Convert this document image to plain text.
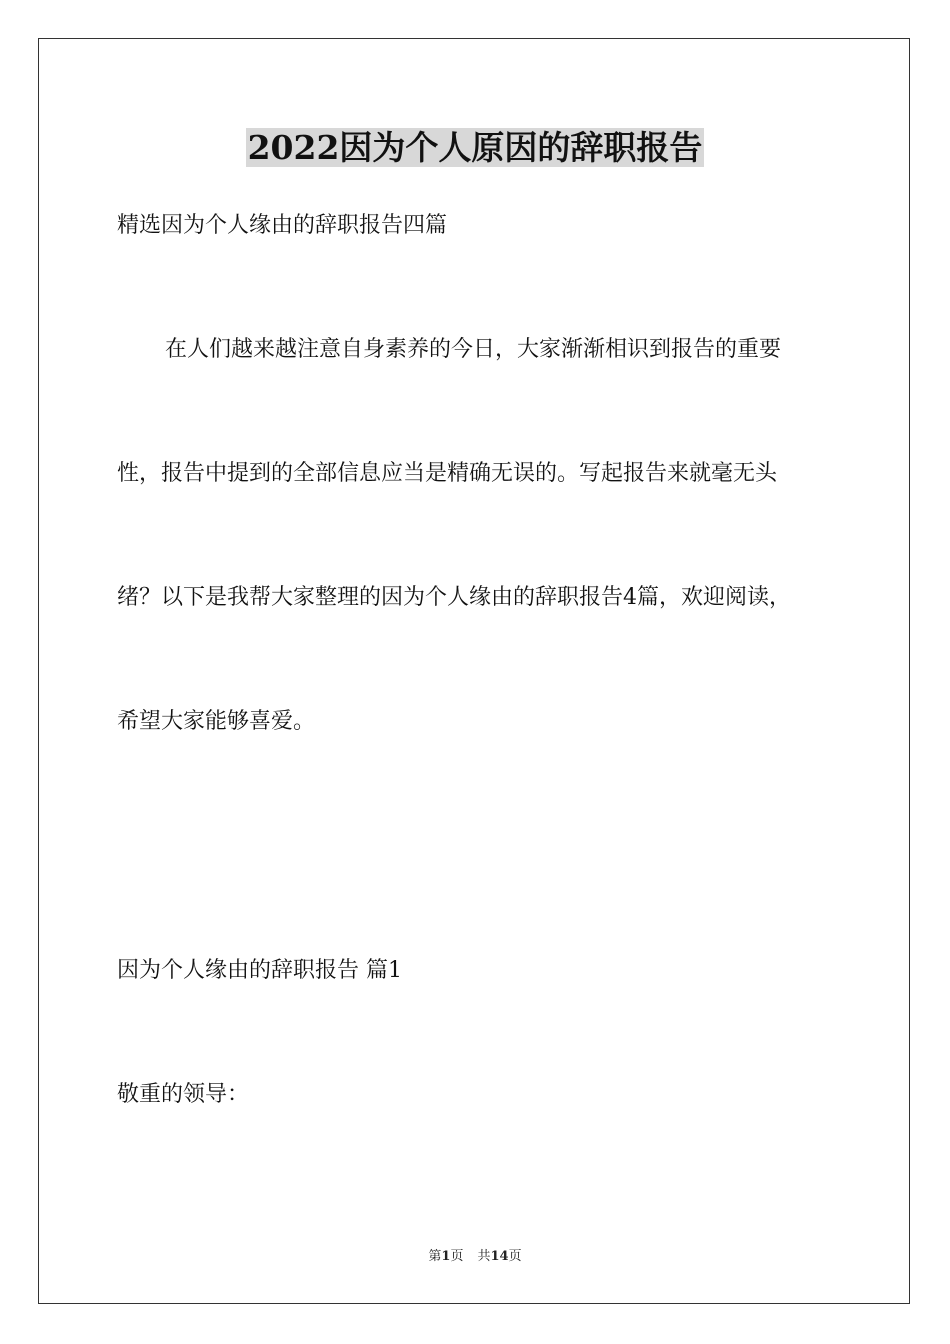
2022因为个人原因的辞职报告
精选因为个人缘由的辞职报告四篇
在人们越来越注意自身素养的今日，大家渐渐相识到报告的重要
性，报告中提到的全部信息应当是精确无误的。写起报告来就毫无头
绪？以下是我帮大家整理的因为个人缘由的辞职报告4篇，欢迎阅读，
希望大家能够喜爱。
因为个人缘由的辞职报告 篇1
敬重的领导：
第1页 共14页
